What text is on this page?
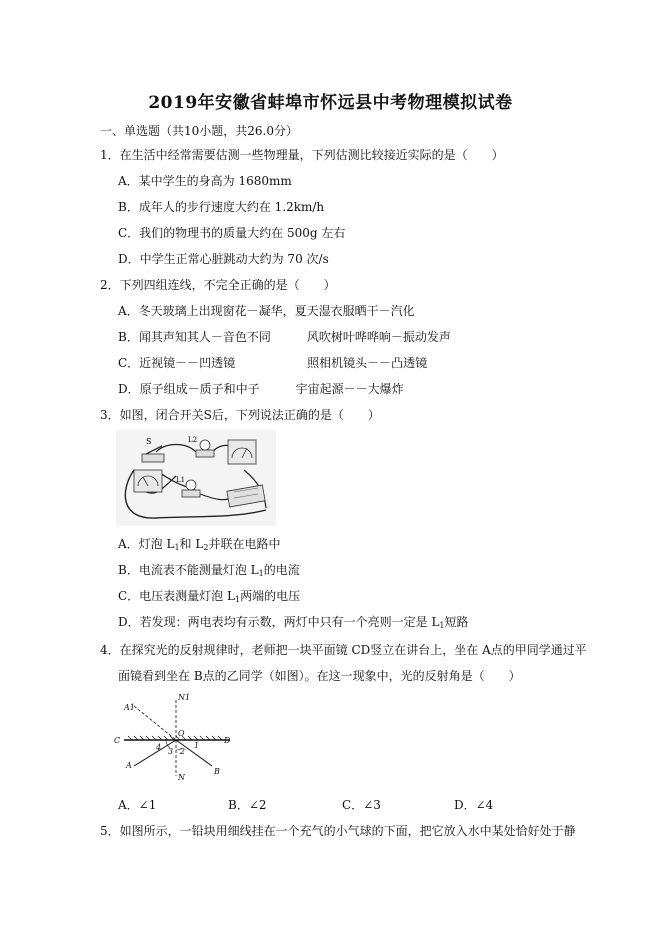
2019年安徽省蚌埠市怀远县中考物理模拟试卷
一、单选题（共10小题，共26.0分）
1．在生活中经常需要估测一些物理量，下列估测比较接近实际的是（　　）
A．某中学生的身高为 1680mm
B．成年人的步行速度大约在 1.2km/h
C．我们的物理书的质量大约在 500g 左右
D．中学生正常心脏跳动大约为 70 次/s
2．下列四组连线，不完全正确的是（　　）
A．冬天玻璃上出现窗花－凝华，夏天湿衣服晒干－汽化
B．闻其声知其人－音色不同　　　风吹树叶哗哗响－振动发声
C．近视镜－－凹透镜　　　　　　照相机镜头－－凸透镜
D．原子组成－质子和中子　　　宇宙起源－－大爆炸
3．如图，闭合开关S后，下列说法正确的是（　　）
S	L2
L1
A．灯泡 $L_1$和 $L_2$并联在电路中
B．电流表不能测量灯泡 $L_1$的电流
C．电压表测量灯泡 $L_1$两端的电压
D．若发现：两电表均有示数，两灯中只有一个亮则一定是 $L_1$短路
4．在探究光的反射规律时，老师把一块平面镜 CD竖立在讲台上，坐在 A点的甲同学通过平
面镜看到坐在 B点的乙同学（如图）。在这一现象中，光的反射角是（　　）
N1
A1
O
C	D
4 3 2
1
A
N
B
A．∠1	B．∠2	C．∠3	D．∠4
5．如图所示，一铅块用细线挂在一个充气的小气球的下面，把它放入水中某处恰好处于静
